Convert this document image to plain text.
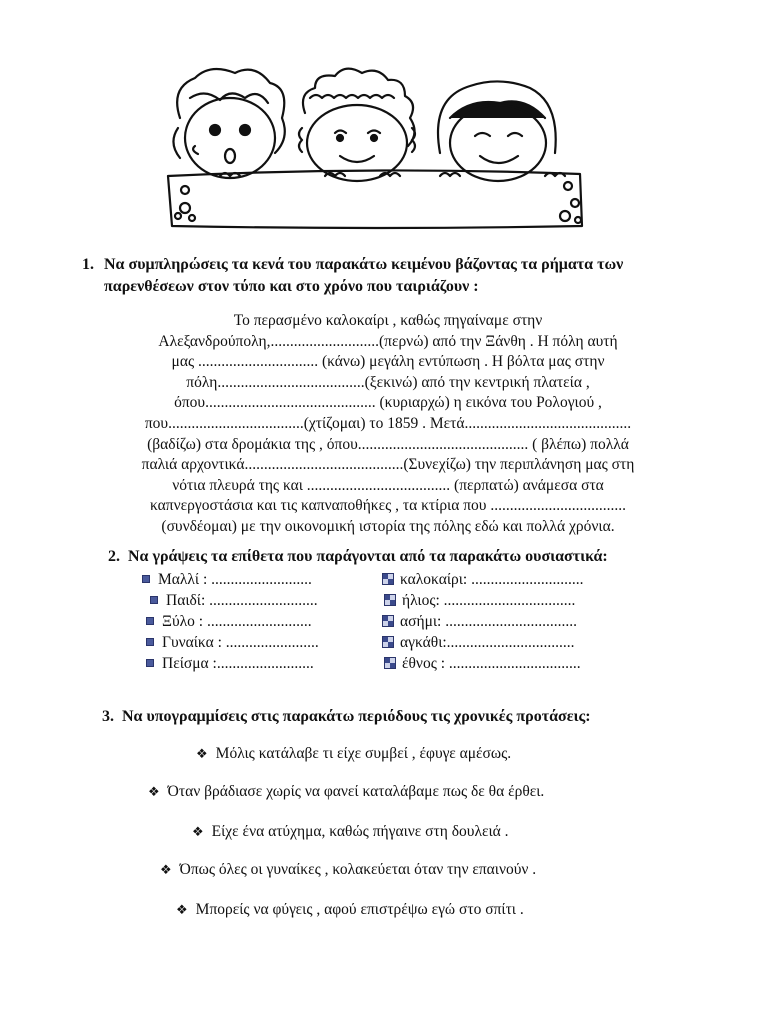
1. Να συμπληρώσεις τα κενά του παρακάτω κειμένου βάζοντας τα ρήματα των
παρενθέσεων στον τύπο και στο χρόνο που ταιριάζουν :
Το περασμένο καλοκαίρι , καθώς πηγαίναμε στην
Αλεξανδρούπολη,............................(περνώ) από την Ξάνθη . Η πόλη αυτή
μας ............................... (κάνω) μεγάλη εντύπωση . Η βόλτα μας στην
πόλη......................................(ξεκινώ) από την κεντρική πλατεία ,
όπου............................................ (κυριαρχώ) η εικόνα του Ρολογιού ,
που...................................(χτίζομαι) το 1859 . Μετά...........................................
(βαδίζω) στα δρομάκια της , όπου............................................ ( βλέπω) πολλά
παλιά αρχοντικά.........................................(Συνεχίζω) την περιπλάνηση μας στη
νότια πλευρά της και ..................................... (περπατώ) ανάμεσα στα
καπνεργοστάσια και τις καπναποθήκες , τα κτίρια που ...................................
(συνδέομαι) με την οικονομική ιστορία της πόλης εδώ και πολλά χρόνια.
2. Να γράψεις τα επίθετα που παράγονται από τα παρακάτω ουσιαστικά:
Μαλλί : ..........................
Παιδί: ............................
Ξύλο : ...........................
Γυναίκα : ........................
Πείσμα :.........................
καλοκαίρι: .............................
ήλιος: ..................................
ασήμι: ..................................
αγκάθι:.................................
έθνος : ..................................
3. Να υπογραμμίσεις στις παρακάτω περιόδους τις χρονικές προτάσεις:
❖ Μόλις κατάλαβε τι είχε συμβεί , έφυγε αμέσως.
❖ Όταν βράδιασε χωρίς να φανεί καταλάβαμε πως δε θα έρθει.
❖ Είχε ένα ατύχημα, καθώς πήγαινε στη δουλειά .
❖ Όπως όλες οι γυναίκες , κολακεύεται όταν την επαινούν .
❖ Μπορείς να φύγεις , αφού επιστρέψω εγώ στο σπίτι .
